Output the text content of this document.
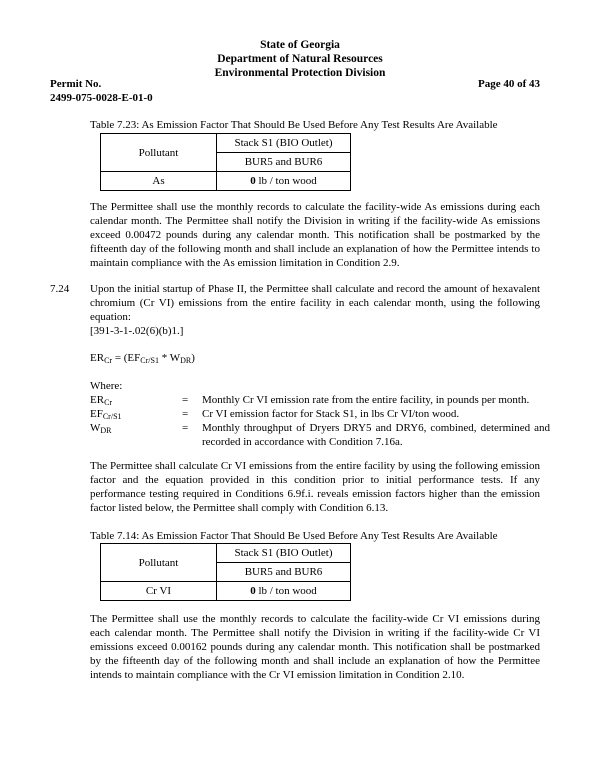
State of Georgia
Department of Natural Resources
Environmental Protection Division
Permit No.
2499-075-0028-E-01-0
Page 40 of 43
Table 7.23: As Emission Factor That Should Be Used Before Any Test Results Are Available
Pollutant	Stack S1 (BIO Outlet)
	BUR5 and BUR6
As	0 lb / ton wood
The Permittee shall use the monthly records to calculate the facility-wide As emissions during each calendar month. The Permittee shall notify the Division in writing if the facility-wide As emissions exceed 0.00472 pounds during any calendar month. This notification shall be postmarked by the fifteenth day of the following month and shall include an explanation of how the Permittee intends to maintain compliance with the As emission limitation in Condition 2.9.
7.24 Upon the initial startup of Phase II, the Permittee shall calculate and record the amount of hexavalent chromium (Cr VI) emissions from the entire facility in each calendar month, using the following equation:
[391-3-1-.02(6)(b)1.]
$ER_{Cr} = (EF_{Cr/S1} * W_{DR})$
Where:
$ER_{Cr}$	= Monthly Cr VI emission rate from the entire facility, in pounds per month.
$EF_{Cr/S1}$	= Cr VI emission factor for Stack S1, in lbs Cr VI/ton wood.
$W_{DR}$	= Monthly throughput of Dryers DRY5 and DRY6, combined, determined and recorded in accordance with Condition 7.16a.
The Permittee shall calculate Cr VI emissions from the entire facility by using the following emission factor and the equation provided in this condition prior to initial performance tests. If any performance testing required in Conditions 6.9f.i. reveals emission factors higher than the emission factor listed below, the Permittee shall comply with Condition 6.13.
Table 7.14: As Emission Factor That Should Be Used Before Any Test Results Are Available
Pollutant	Stack S1 (BIO Outlet)
	BUR5 and BUR6
Cr VI	0 lb / ton wood
The Permittee shall use the monthly records to calculate the facility-wide Cr VI emissions during each calendar month. The Permittee shall notify the Division in writing if the facility-wide Cr VI emissions exceed 0.00162 pounds during any calendar month. This notification shall be postmarked by the fifteenth day of the following month and shall include an explanation of how the Permittee intends to maintain compliance with the Cr VI emission limitation in Condition 2.10.
